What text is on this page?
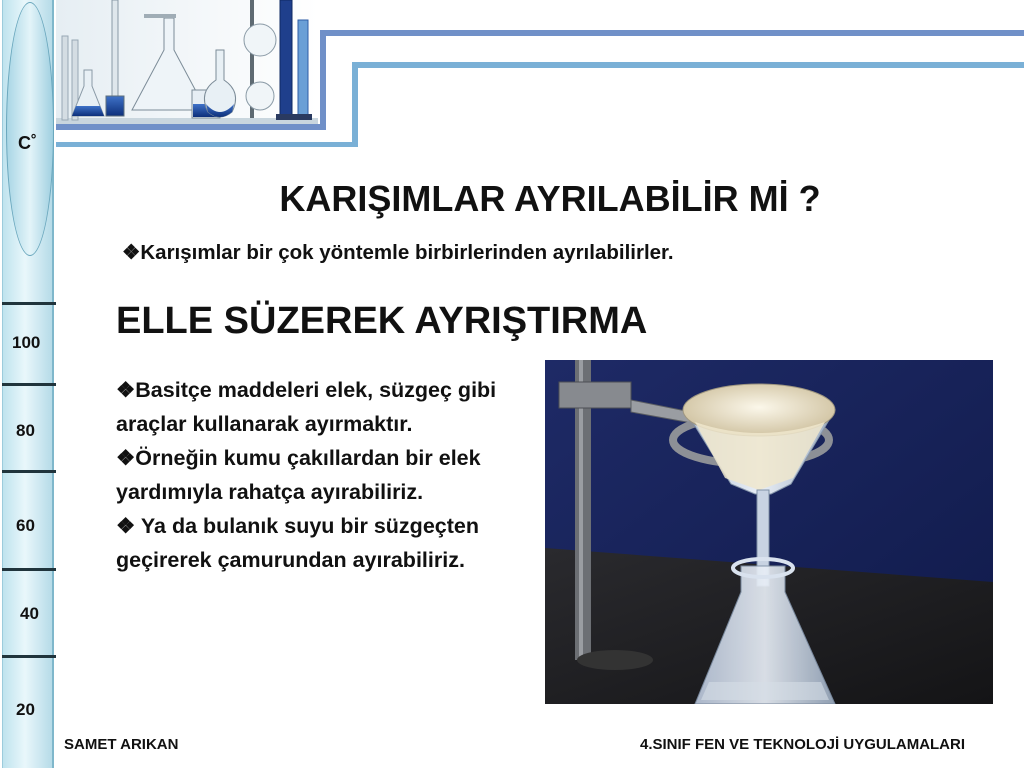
C˚
100
80
60
40
20
KARIŞIMLAR AYRILABİLİR Mİ ?
❖Karışımlar bir çok yöntemle birbirlerinden ayrılabilirler.
ELLE SÜZEREK AYRIŞTIRMA

❖Basitçe maddeleri elek, süzgeç gibi araçlar kullanarak ayırmaktır.

❖Örneğin kumu çakıllardan bir elek yardımıyla rahatça ayırabiliriz.

❖ Ya da bulanık suyu bir süzgeçten geçirerek çamurundan ayırabiliriz.

SAMET ARIKAN	4.SINIF FEN VE TEKNOLOJİ UYGULAMALARI
